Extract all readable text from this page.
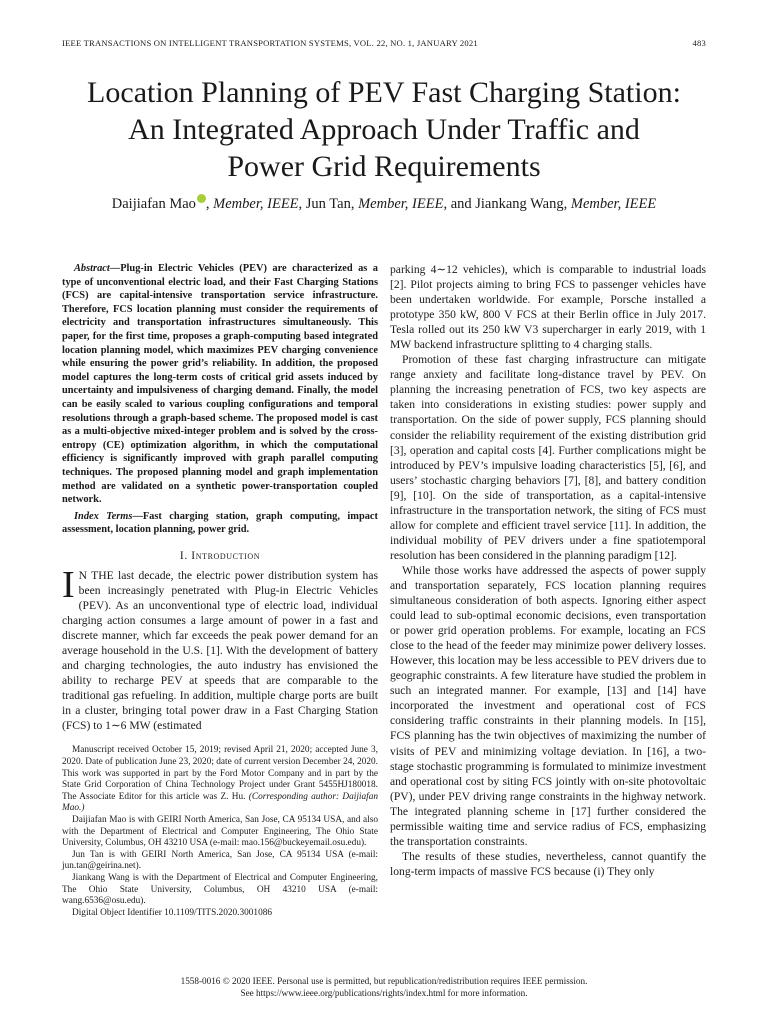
IEEE TRANSACTIONS ON INTELLIGENT TRANSPORTATION SYSTEMS, VOL. 22, NO. 1, JANUARY 2021	483
Location Planning of PEV Fast Charging Station:
An Integrated Approach Under Traffic and
Power Grid Requirements
Daijiafan Mao , Member, IEEE, Jun Tan, Member, IEEE, and Jiankang Wang, Member, IEEE

Abstract—Plug-in Electric Vehicles (PEV) are characterized as a type of unconventional electric load, and their Fast Charging Stations (FCS) are capital-intensive transportation service infrastructure. Therefore, FCS location planning must consider the requirements of electricity and transportation infrastructures simultaneously. This paper, for the first time, proposes a graph-computing based integrated location planning model, which maximizes PEV charging convenience while ensuring the power grid’s reliability. In addition, the proposed model captures the long-term costs of critical grid assets induced by uncertainty and impulsiveness of charging demand. Finally, the model can be easily scaled to various coupling configurations and temporal resolutions through a graph-based scheme. The proposed model is cast as a multi-objective mixed-integer problem and is solved by the cross-entropy (CE) optimization algorithm, in which the computational efficiency is significantly improved with graph parallel computing techniques. The proposed planning model and graph implementation method are validated on a synthetic power-transportation coupled network.

Index Terms—Fast charging station, graph computing, impact assessment, location planning, power grid.

I. Introduction

I N THE last decade, the electric power distribution system has been increasingly penetrated with Plug-in Electric Vehicles (PEV). As an unconventional type of electric load, individual charging action consumes a large amount of power in a fast and discrete manner, which far exceeds the peak power demand for an average household in the U.S. [1]. With the development of battery and charging technologies, the auto industry has envisioned the ability to recharge PEV at speeds that are comparable to the traditional gas refueling. In addition, multiple charge ports are built in a cluster, bringing total power draw in a Fast Charging Station (FCS) to 1∼6 MW (estimated

Manuscript received October 15, 2019; revised April 21, 2020; accepted June 3, 2020. Date of publication June 23, 2020; date of current version December 24, 2020. This work was supported in part by the Ford Motor Company and in part by the State Grid Corporation of China Technology Project under Grant 5455HJ180018. The Associate Editor for this article was Z. Hu. (Corresponding author: Daijiafan Mao.)

Daijiafan Mao is with GEIRI North America, San Jose, CA 95134 USA, and also with the Department of Electrical and Computer Engineering, The Ohio State University, Columbus, OH 43210 USA (e-mail: mao.156@buckeyemail.osu.edu).

Jun Tan is with GEIRI North America, San Jose, CA 95134 USA (e-mail: jun.tan@geirina.net).

Jiankang Wang is with the Department of Electrical and Computer Engineering, The Ohio State University, Columbus, OH 43210 USA (e-mail: wang.6536@osu.edu).

Digital Object Identifier 10.1109/TITS.2020.3001086

parking 4∼12 vehicles), which is comparable to industrial loads [2]. Pilot projects aiming to bring FCS to passenger vehicles have been undertaken worldwide. For example, Porsche installed a prototype 350 kW, 800 V FCS at their Berlin office in July 2017. Tesla rolled out its 250 kW V3 supercharger in early 2019, with 1 MW backend infrastructure splitting to 4 charging stalls.

Promotion of these fast charging infrastructure can mitigate range anxiety and facilitate long-distance travel by PEV. On planning the increasing penetration of FCS, two key aspects are taken into considerations in existing studies: power supply and transportation. On the side of power supply, FCS planning should consider the reliability requirement of the existing distribution grid [3], operation and capital costs [4]. Further complications might be introduced by PEV’s impulsive loading characteristics [5], [6], and users’ stochastic charging behaviors [7], [8], and battery condition [9], [10]. On the side of transportation, as a capital-intensive infrastructure in the transportation network, the siting of FCS must allow for complete and efficient travel service [11]. In addition, the individual mobility of PEV drivers under a fine spatiotemporal resolution has been considered in the planning paradigm [12].

While those works have addressed the aspects of power supply and transportation separately, FCS location planning requires simultaneous consideration of both aspects. Ignoring either aspect could lead to sub-optimal economic decisions, even transportation or power grid operation problems. For example, locating an FCS close to the head of the feeder may minimize power delivery losses. However, this location may be less accessible to PEV drivers due to geographic constraints. A few literature have studied the problem in such an integrated manner. For example, [13] and [14] have incorporated the investment and operational cost of FCS considering traffic constraints in their planning models. In [15], FCS planning has the twin objectives of maximizing the number of visits of PEV and minimizing voltage deviation. In [16], a two-stage stochastic programming is formulated to minimize investment and operational cost by siting FCS jointly with on-site photovoltaic (PV), under PEV driving range constraints in the highway network. The integrated planning scheme in [17] further considered the permissible waiting time and service radius of FCS, emphasizing the transportation constraints.

The results of these studies, nevertheless, cannot quantify the long-term impacts of massive FCS because (i) They only

1558-0016 © 2020 IEEE. Personal use is permitted, but republication/redistribution requires IEEE permission.
See https://www.ieee.org/publications/rights/index.html for more information.
